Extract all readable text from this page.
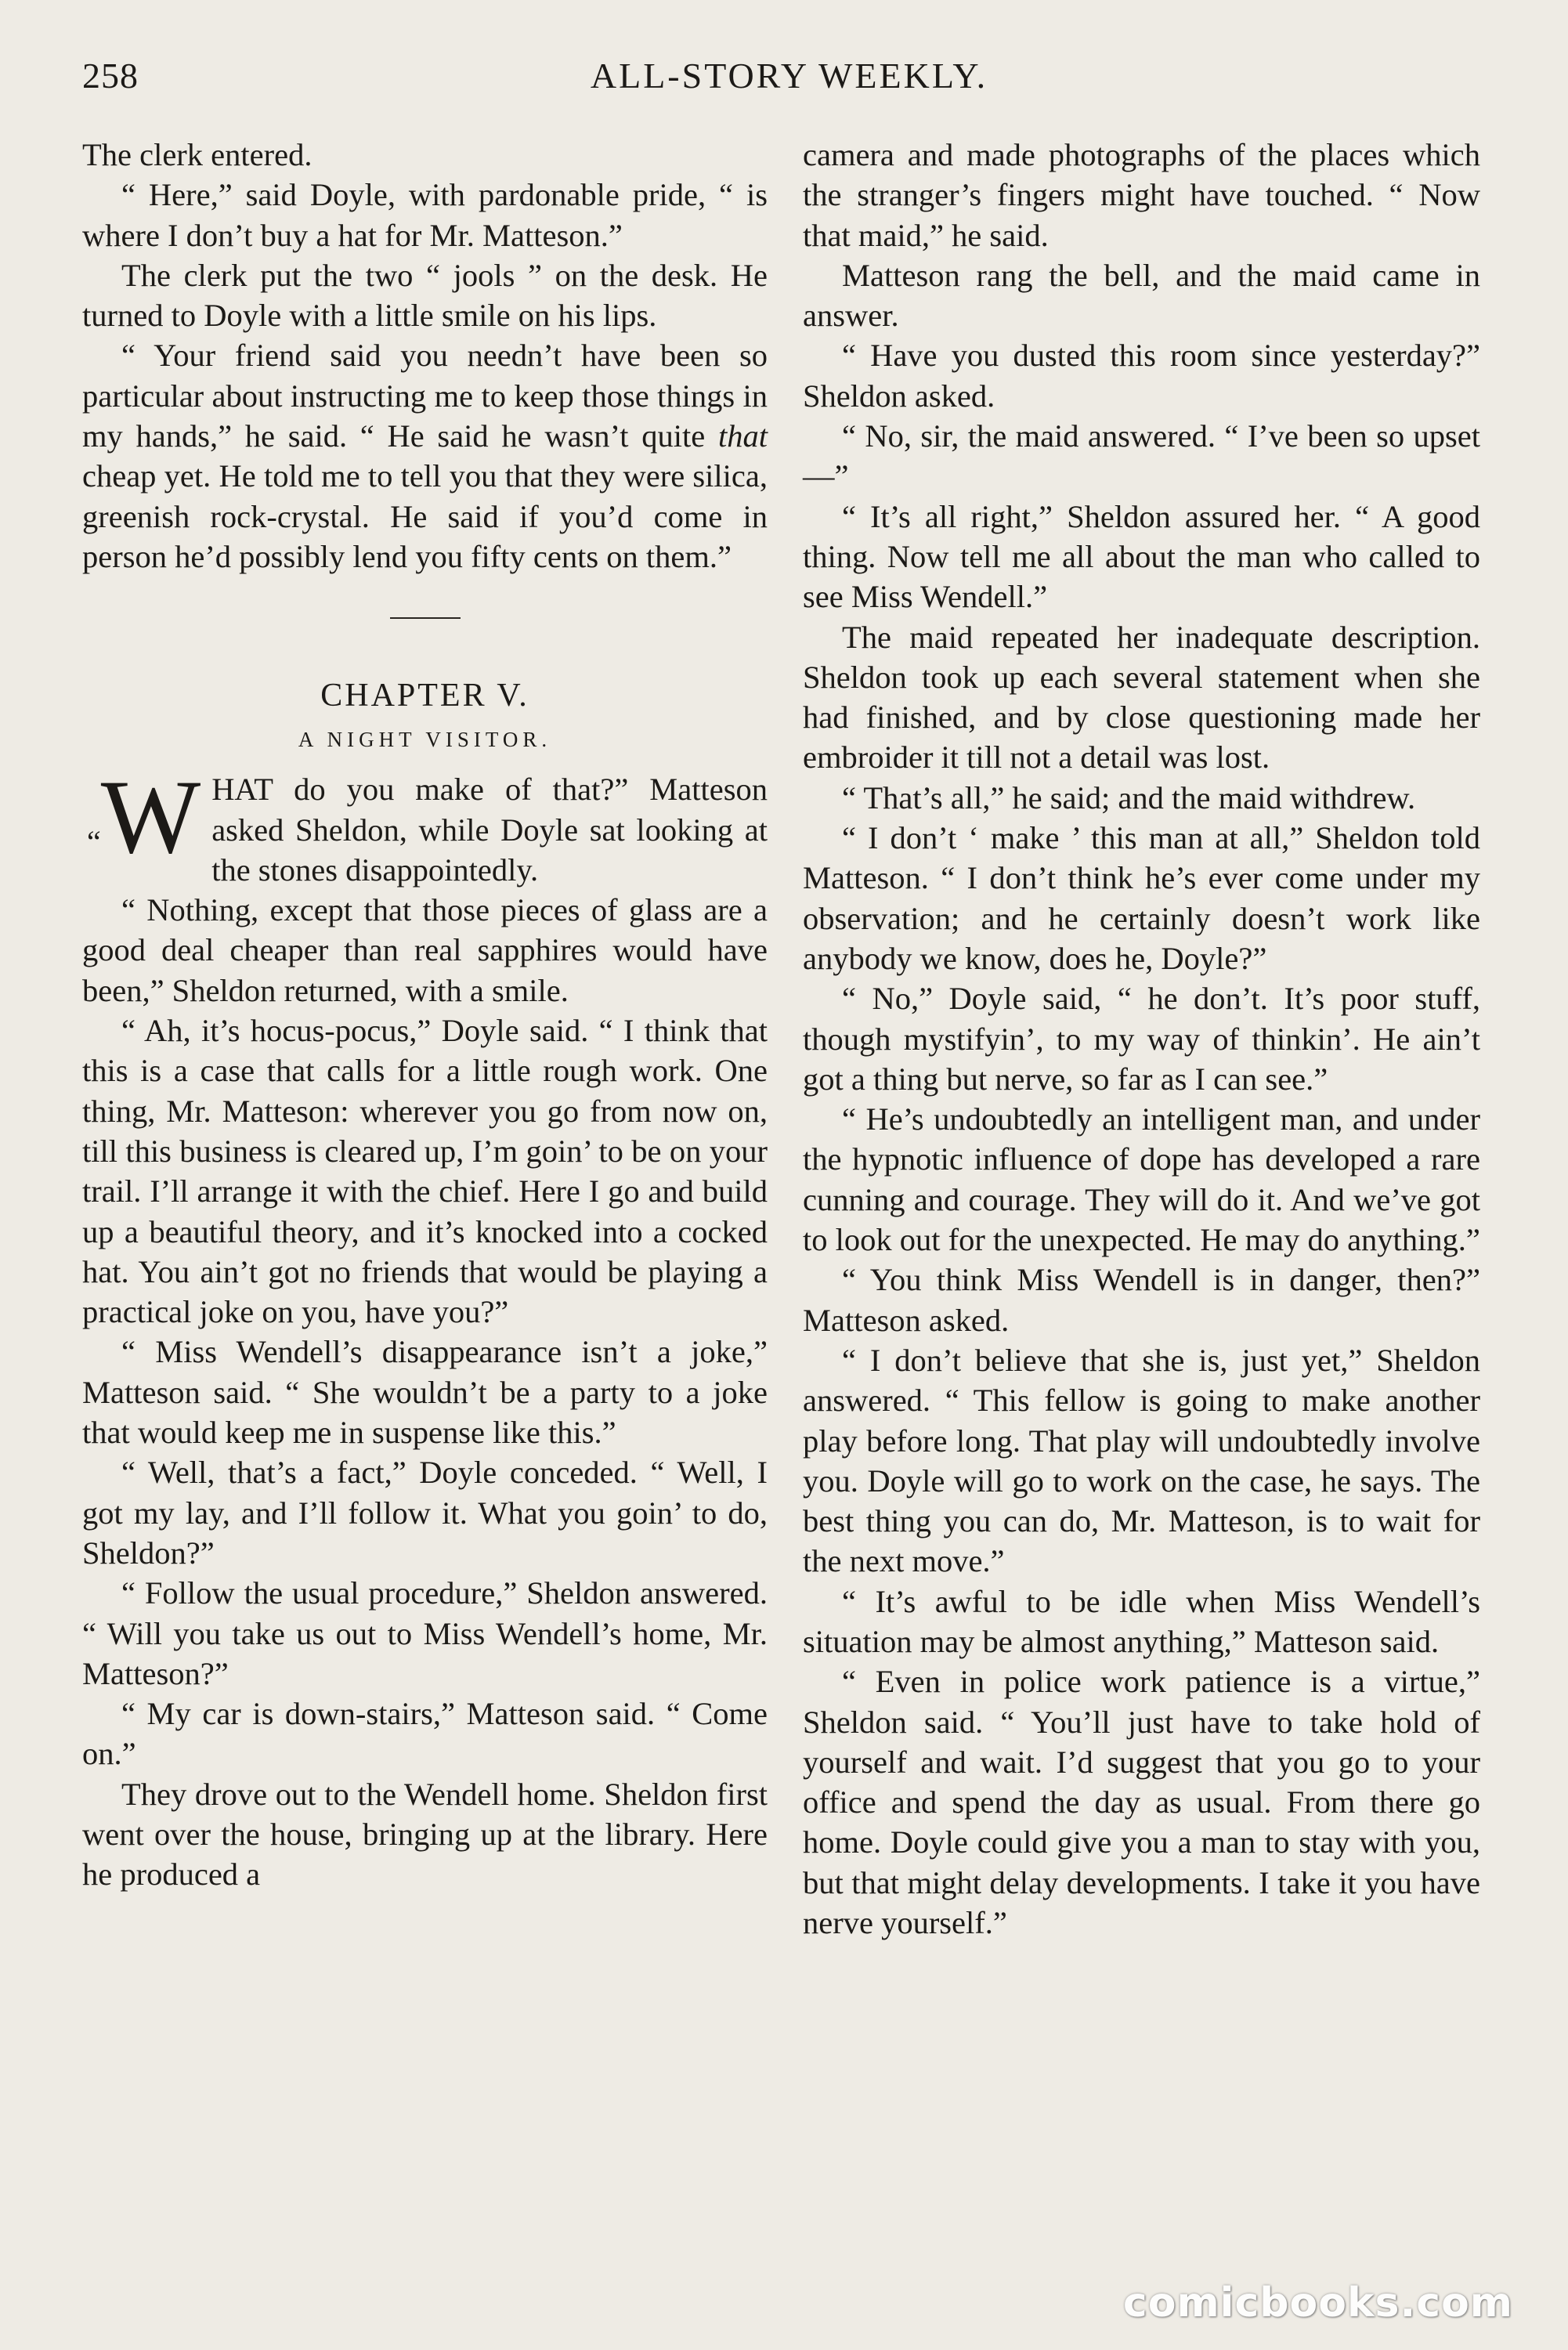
258	ALL-STORY WEEKLY.

The clerk entered.

“ Here,” said Doyle, with pardonable pride, “ is where I don’t buy a hat for Mr. Matteson.”

The clerk put the two “ jools ” on the desk. He turned to Doyle with a little smile on his lips.

“ Your friend said you needn’t have been so particular about instructing me to keep those things in my hands,” he said. “ He said he wasn’t quite that cheap yet. He told me to tell you that they were silica, greenish rock-crystal. He said if you’d come in person he’d possibly lend you fifty cents on them.”

CHAPTER V.

A NIGHT VISITOR.

“W HAT do you make of that?” Matteson asked Sheldon, while Doyle sat looking at the stones disappointedly.

“ Nothing, except that those pieces of glass are a good deal cheaper than real sapphires would have been,” Sheldon returned, with a smile.

“ Ah, it’s hocus-pocus,” Doyle said. “ I think that this is a case that calls for a little rough work. One thing, Mr. Matteson: wherever you go from now on, till this business is cleared up, I’m goin’ to be on your trail. I’ll arrange it with the chief. Here I go and build up a beautiful theory, and it’s knocked into a cocked hat. You ain’t got no friends that would be playing a practical joke on you, have you?”

“ Miss Wendell’s disappearance isn’t a joke,” Matteson said. “ She wouldn’t be a party to a joke that would keep me in suspense like this.”

“ Well, that’s a fact,” Doyle conceded. “ Well, I got my lay, and I’ll follow it. What you goin’ to do, Sheldon?”

“ Follow the usual procedure,” Sheldon answered. “ Will you take us out to Miss Wendell’s home, Mr. Matteson?”

“ My car is down-stairs,” Matteson said. “ Come on.”

They drove out to the Wendell home. Sheldon first went over the house, bringing up at the library. Here he produced a

camera and made photographs of the places which the stranger’s fingers might have touched. “ Now that maid,” he said.

Matteson rang the bell, and the maid came in answer.

“ Have you dusted this room since yesterday?” Sheldon asked.

“ No, sir, the maid answered. “ I’ve been so upset—”

“ It’s all right,” Sheldon assured her. “ A good thing. Now tell me all about the man who called to see Miss Wendell.”

The maid repeated her inadequate description. Sheldon took up each several statement when she had finished, and by close questioning made her embroider it till not a detail was lost.

“ That’s all,” he said; and the maid withdrew.

“ I don’t ‘ make ’ this man at all,” Sheldon told Matteson. “ I don’t think he’s ever come under my observation; and he certainly doesn’t work like anybody we know, does he, Doyle?”

“ No,” Doyle said, “ he don’t. It’s poor stuff, though mystifyin’, to my way of thinkin’. He ain’t got a thing but nerve, so far as I can see.”

“ He’s undoubtedly an intelligent man, and under the hypnotic influence of dope has developed a rare cunning and courage. They will do it. And we’ve got to look out for the unexpected. He may do anything.”

“ You think Miss Wendell is in danger, then?” Matteson asked.

“ I don’t believe that she is, just yet,” Sheldon answered. “ This fellow is going to make another play before long. That play will undoubtedly involve you. Doyle will go to work on the case, he says. The best thing you can do, Mr. Matteson, is to wait for the next move.”

“ It’s awful to be idle when Miss Wendell’s situation may be almost anything,” Matteson said.

“ Even in police work patience is a virtue,” Sheldon said. “ You’ll just have to take hold of yourself and wait. I’d suggest that you go to your office and spend the day as usual. From there go home. Doyle could give you a man to stay with you, but that might delay developments. I take it you have nerve yourself.”

comicbooks.com
